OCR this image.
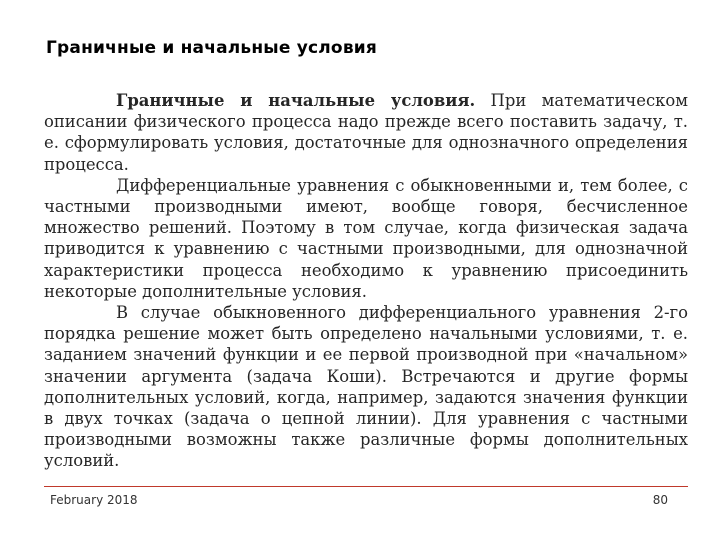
Граничные и начальные условия

Граничные и начальные условия. При математическом описании физического процесса надо прежде всего поставить задачу, т. е. сформулировать условия, достаточные для однозначного определения процесса.

Дифференциальные уравнения с обыкновенными и, тем более, с частными производными имеют, вообще говоря, бесчисленное множество решений. Поэтому в том случае, когда физическая задача приводится к уравнению с частными производными, для однозначной характеристики процесса необходимо к уравнению присоединить некоторые дополнительные условия.

В случае обыкновенного дифференциального уравнения 2-го порядка решение может быть определено начальными условиями, т. е. заданием значений функции и ее первой производной при «начальном» значении аргумента (задача Коши). Встречаются и другие формы дополнительных условий, когда, например, задаются значения функции в двух точках (задача о цепной линии). Для уравнения с частными производными возможны также различные формы дополнительных условий.

February 2018	80
